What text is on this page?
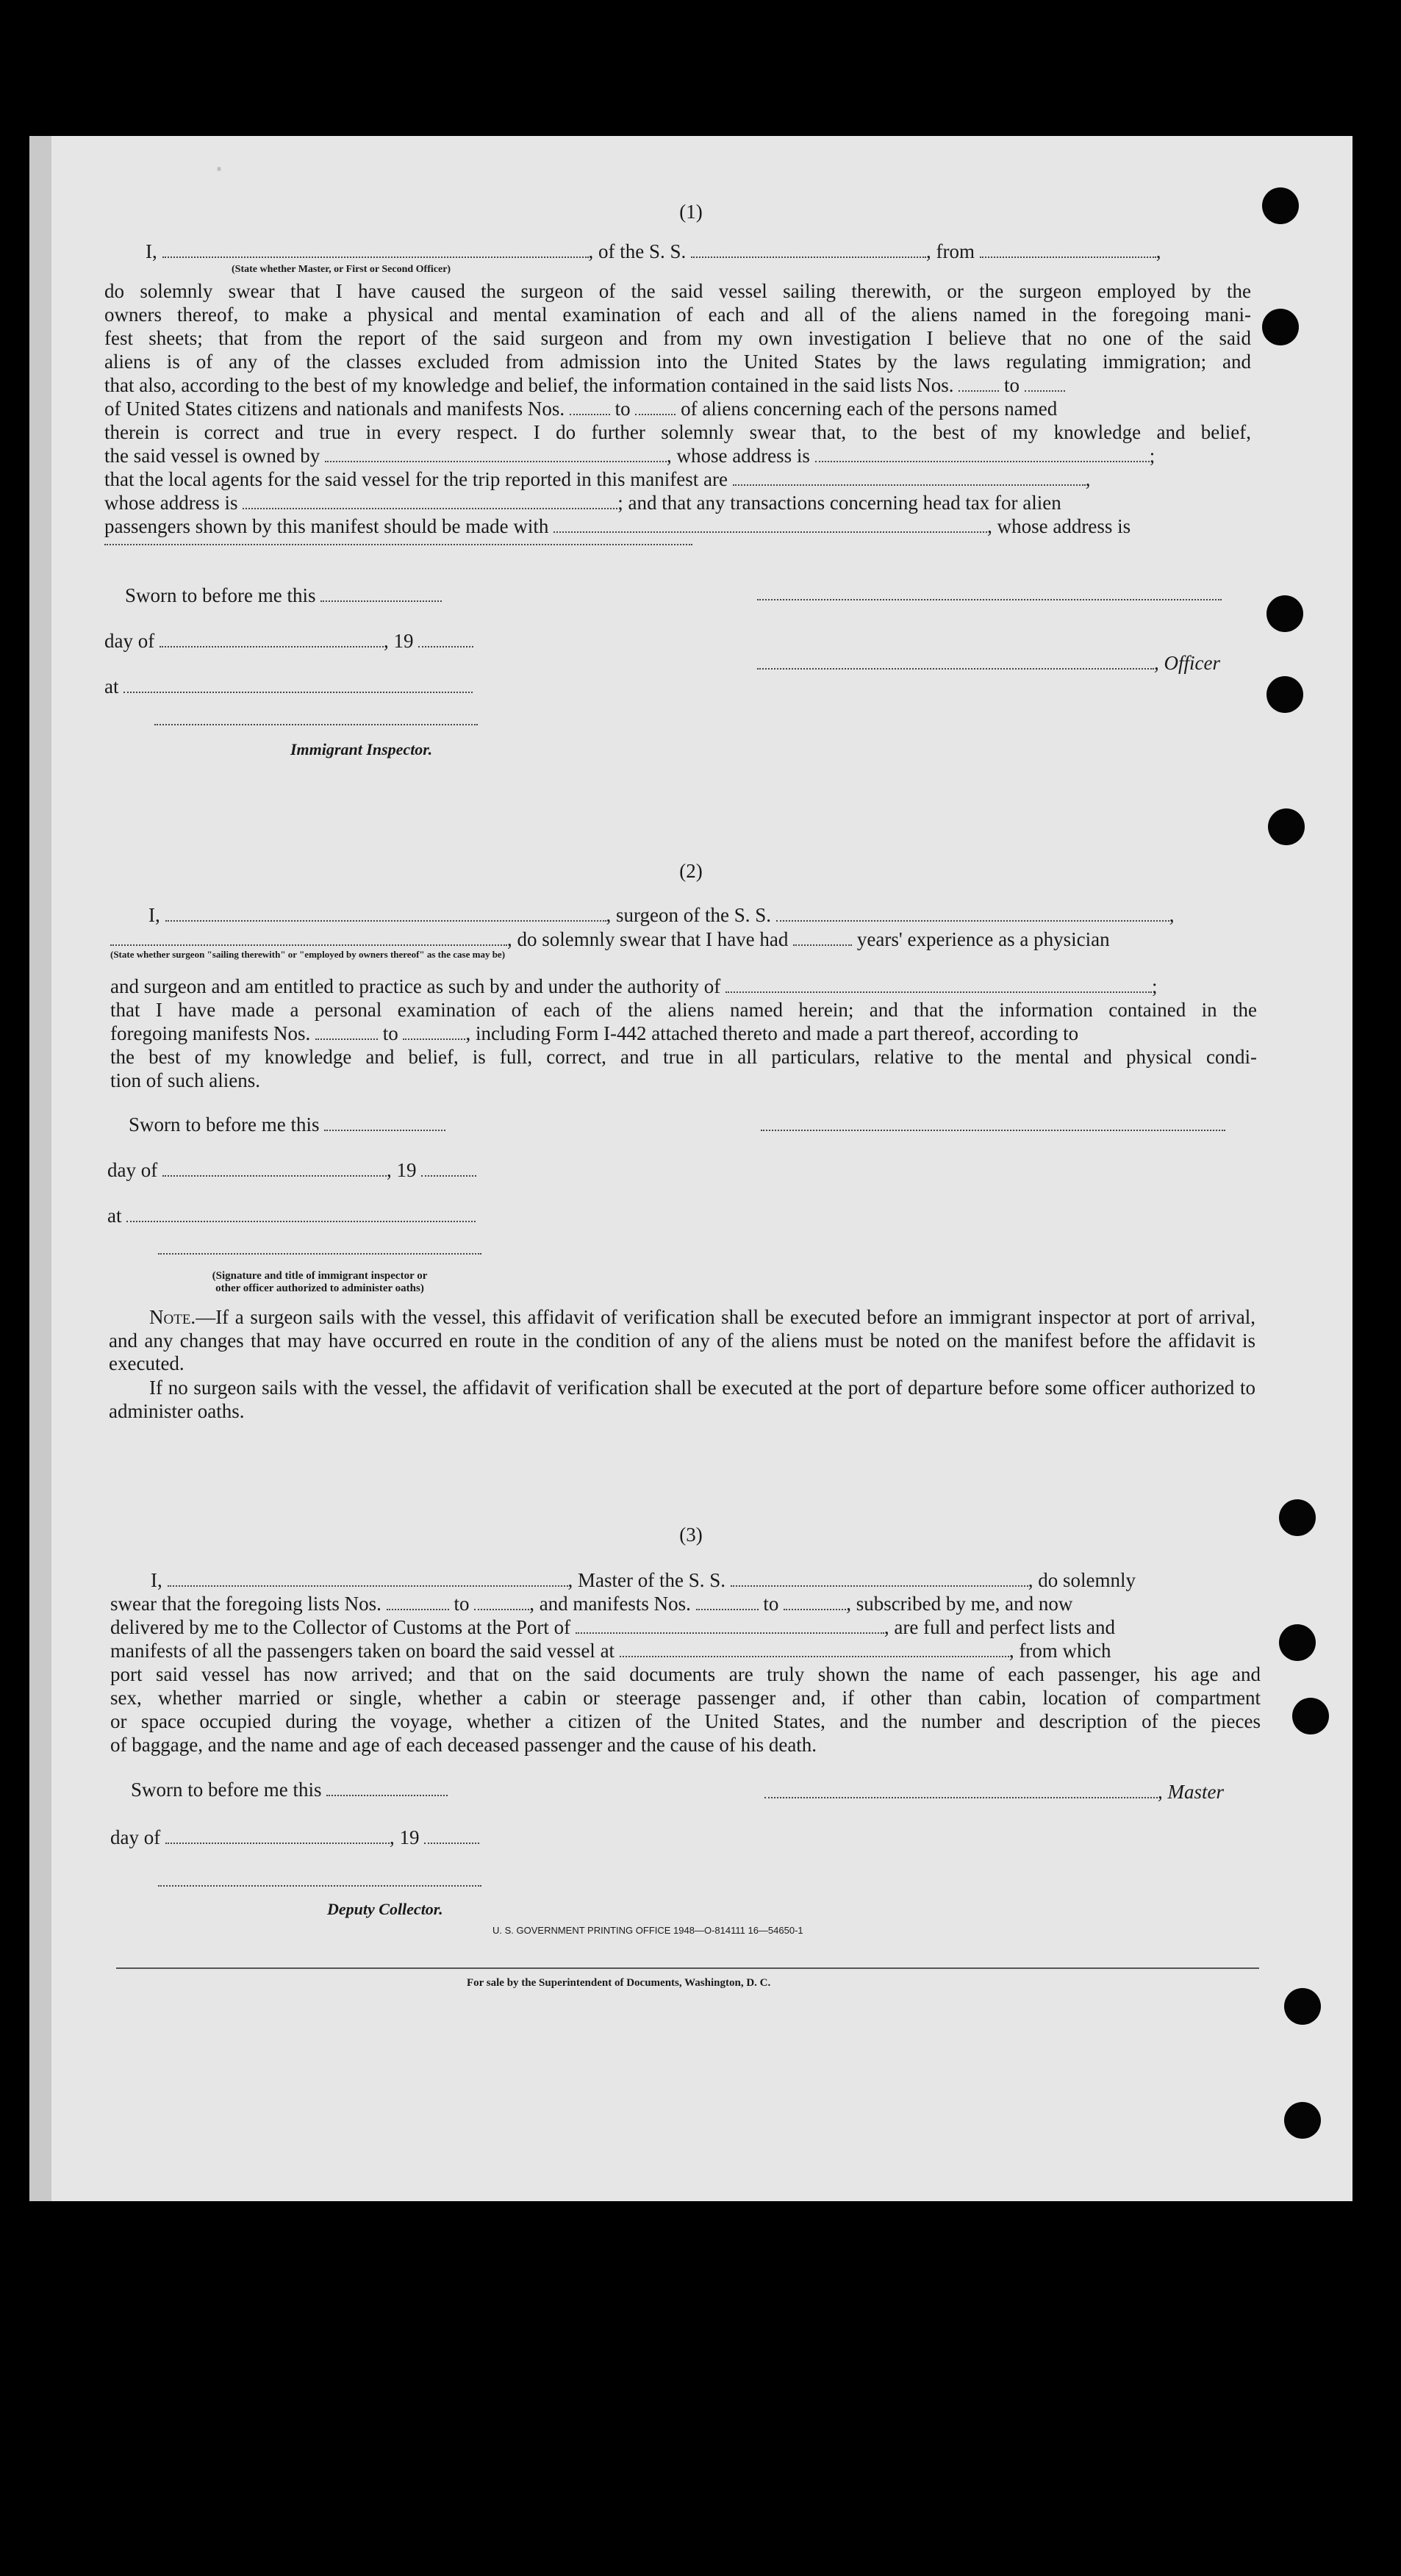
·
(1)
I,	, of the S. S.	, from	,
(State whether Master, or First or Second Officer)
do solemnly swear that I have caused the surgeon of the said vessel sailing therewith, or the surgeon employed by the
owners thereof, to make a physical and mental examination of each and all of the aliens named in the foregoing mani-
fest sheets; that from the report of the said surgeon and from my own investigation I believe that no one of the said
aliens is of any of the classes excluded from admission into the United States by the laws regulating immigration; and
that also, according to the best of my knowledge and belief, the information contained in the said lists Nos.	to
of United States citizens and nationals and manifests Nos.	to	of aliens concerning each of the persons named
therein is correct and true in every respect. I do further solemnly swear that, to the best of my knowledge and belief,
the said vessel is owned by	, whose address is	;
that the local agents for the said vessel for the trip reported in this manifest are	,
whose address is	; and that any transactions concerning head tax for alien
passengers shown by this manifest should be made with	, whose address is
Sworn to before me this
day of	, 19
, Officer
at
Immigrant Inspector.
(2)
I,	, surgeon of the S. S.	,
, do solemnly swear that I have had	years' experience as a physician
(State whether surgeon "sailing therewith" or "employed by owners thereof" as the case may be)
and surgeon and am entitled to practice as such by and under the authority of	;
that I have made a personal examination of each of the aliens named herein; and that the information contained in the
foregoing manifests Nos.	to	, including Form I-442 attached thereto and made a part thereof, according to
the best of my knowledge and belief, is full, correct, and true in all particulars, relative to the mental and physical condi-
tion of such aliens.
Sworn to before me this
day of	, 19
at
(Signature and title of immigrant inspector or
other officer authorized to administer oaths)
Note.—If a surgeon sails with the vessel, this affidavit of verification shall be executed before an immigrant inspector at port of arrival, and any changes that may have occurred en route in the condition of any of the aliens must be noted on the manifest before the affidavit is executed.
If no surgeon sails with the vessel, the affidavit of verification shall be executed at the port of departure before some officer authorized to administer oaths.
(3)
I,	, Master of the S. S.	, do solemnly
swear that the foregoing lists Nos.	to	, and manifests Nos.	to	, subscribed by me, and now
delivered by me to the Collector of Customs at the Port of	, are full and perfect lists and
manifests of all the passengers taken on board the said vessel at	, from which
port said vessel has now arrived; and that on the said documents are truly shown the name of each passenger, his age and
sex, whether married or single, whether a cabin or steerage passenger and, if other than cabin, location of compartment
or space occupied during the voyage, whether a citizen of the United States, and the number and description of the pieces
of baggage, and the name and age of each deceased passenger and the cause of his death.
Sworn to before me this	, Master
day of	, 19
Deputy Collector.
U. S. GOVERNMENT PRINTING OFFICE 1948—O-814111 16—54650-1
For sale by the Superintendent of Documents, Washington, D. C.
